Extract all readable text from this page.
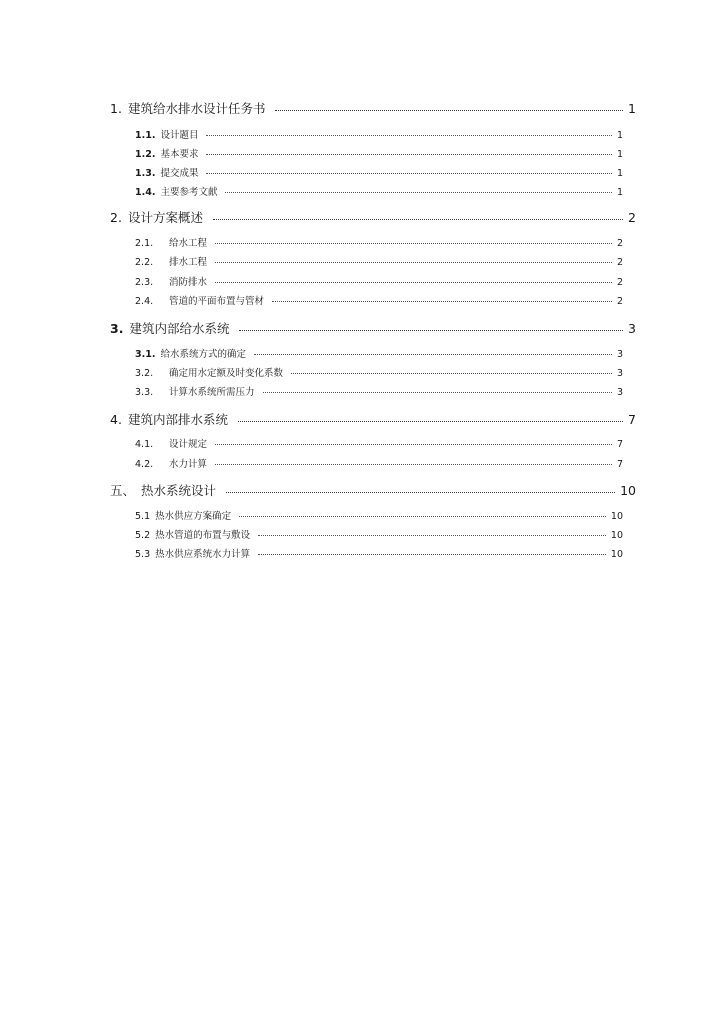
1. 建筑给水排水设计任务书	1
1.1. 设计题目	1
1.2. 基本要求	1
1.3. 提交成果	1
1.4. 主要参考文献	1
2. 设计方案概述	2
2.1.	给水工程	2
2.2.	排水工程	2
2.3.	消防排水	2
2.4.	管道的平面布置与管材	2
3. 建筑内部给水系统	3
3.1. 给水系统方式的确定	3
3.2.	确定用水定额及时变化系数	3
3.3.	计算水系统所需压力	3
4. 建筑内部排水系统	7
4.1.	设计规定	7
4.2.	水力计算	7
五、 热水系统设计	10
5.1 热水供应方案确定	10
5.2 热水管道的布置与敷设	10
5.3 热水供应系统水力计算	10
